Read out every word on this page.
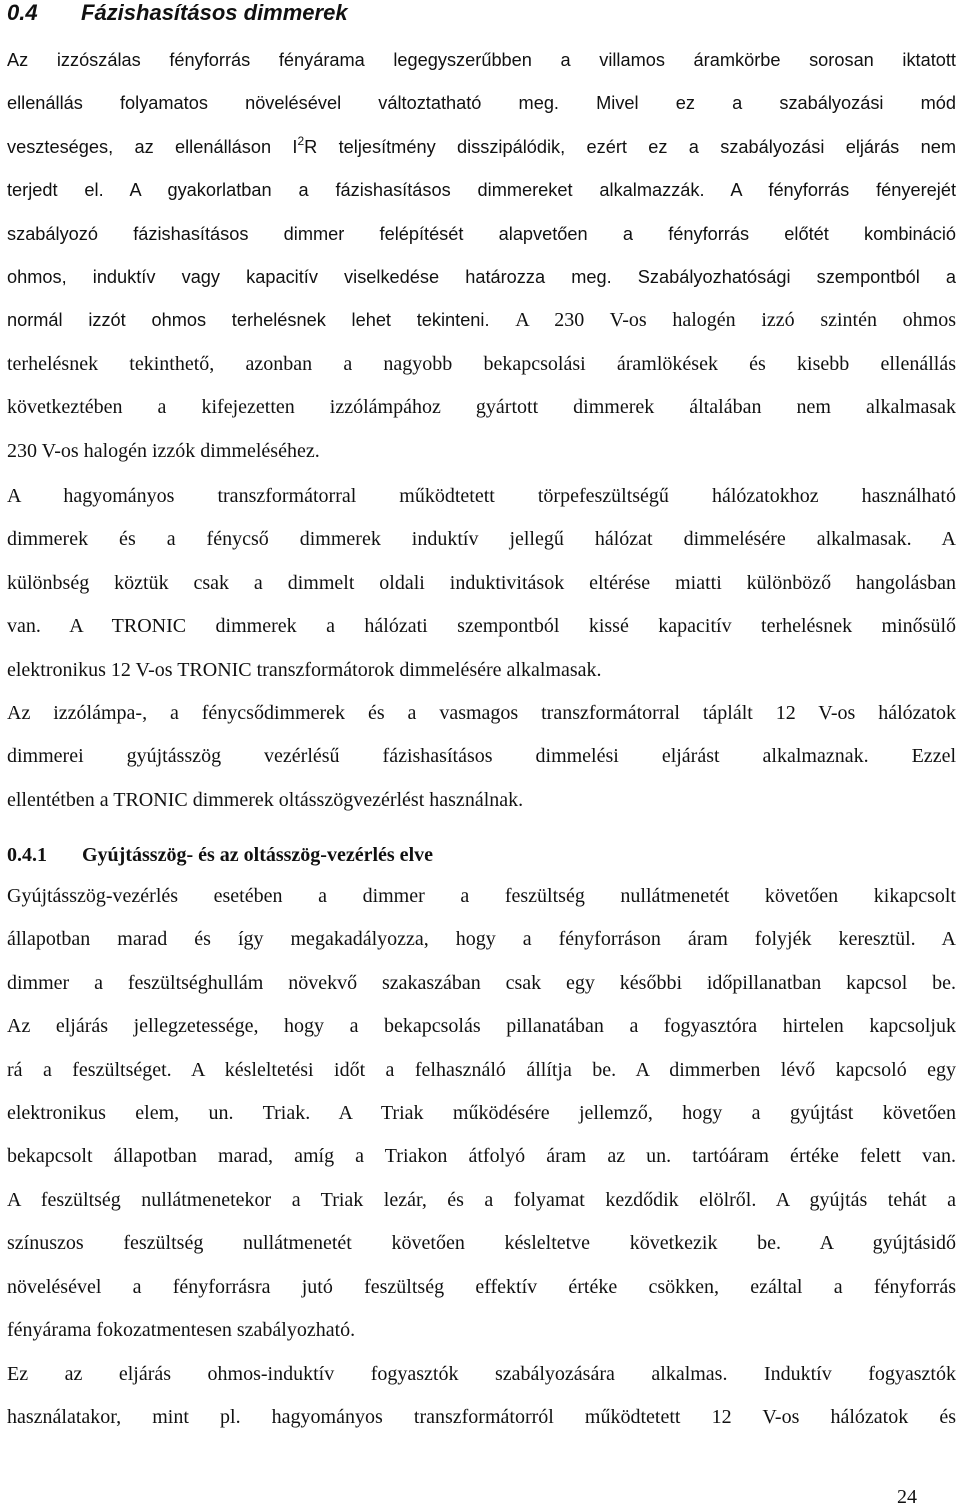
0.4 Fázishasításos dimmerek
Az izzószálas fényforrás fényárama legegyszerűbben a villamos áramkörbe sorosan iktatott
ellenállás folyamatos növelésével változtatható meg. Mivel ez a szabályozási mód
veszteséges, az ellenálláson $I^2R$ teljesítmény disszipálódik, ezért ez a szabályozási eljárás nem
terjedt el. A gyakorlatban a fázishasításos dimmereket alkalmazzák. A fényforrás fényerejét
szabályozó fázishasításos dimmer felépítését alapvetően a fényforrás előtét kombináció
ohmos, induktív vagy kapacitív viselkedése határozza meg. Szabályozhatósági szempontból a
normál izzót ohmos terhelésnek lehet tekinteni. A 230 V-os halogén izzó szintén ohmos
terhelésnek tekinthető, azonban a nagyobb bekapcsolási áramlökések és kisebb ellenállás
következtében a kifejezetten izzólámpához gyártott dimmerek általában nem alkalmasak
230 V-os halogén izzók dimmeléséhez.
A hagyományos transzformátorral működtetett törpefeszültségű hálózatokhoz használható
dimmerek és a fénycső dimmerek induktív jellegű hálózat dimmelésére alkalmasak. A
különbség köztük csak a dimmelt oldali induktivitások eltérése miatti különböző hangolásban
van. A TRONIC dimmerek a hálózati szempontból kissé kapacitív terhelésnek minősülő
elektronikus 12 V-os TRONIC transzformátorok dimmelésére alkalmasak.
Az izzólámpa-, a fénycsődimmerek és a vasmagos transzformátorral táplált 12 V-os hálózatok
dimmerei gyújtásszög vezérlésű fázishasításos dimmelési eljárást alkalmaznak. Ezzel
ellentétben a TRONIC dimmerek oltásszögvezérlést használnak.
0.4.1 Gyújtásszög- és az oltásszög-vezérlés elve
Gyújtásszög-vezérlés esetében a dimmer a feszültség nullátmenetét követően kikapcsolt
állapotban marad és így megakadályozza, hogy a fényforráson áram folyjék keresztül. A
dimmer a feszültséghullám növekvő szakaszában csak egy későbbi időpillanatban kapcsol be.
Az eljárás jellegzetessége, hogy a bekapcsolás pillanatában a fogyasztóra hirtelen kapcsoljuk
rá a feszültséget. A késleltetési időt a felhasználó állítja be. A dimmerben lévő kapcsoló egy
elektronikus elem, un. Triak. A Triak működésére jellemző, hogy a gyújtást követően
bekapcsolt állapotban marad, amíg a Triakon átfolyó áram az un. tartóáram értéke felett van.
A feszültség nullátmenetekor a Triak lezár, és a folyamat kezdődik elölről. A gyújtás tehát a
színuszos feszültség nullátmenetét követően késleltetve következik be. A gyújtásidő
növelésével a fényforrásra jutó feszültség effektív értéke csökken, ezáltal a fényforrás
fényárama fokozatmentesen szabályozható.
Ez az eljárás ohmos-induktív fogyasztók szabályozására alkalmas. Induktív fogyasztók
használatakor, mint pl. hagyományos transzformátorról működtetett 12 V-os hálózatok és
24
